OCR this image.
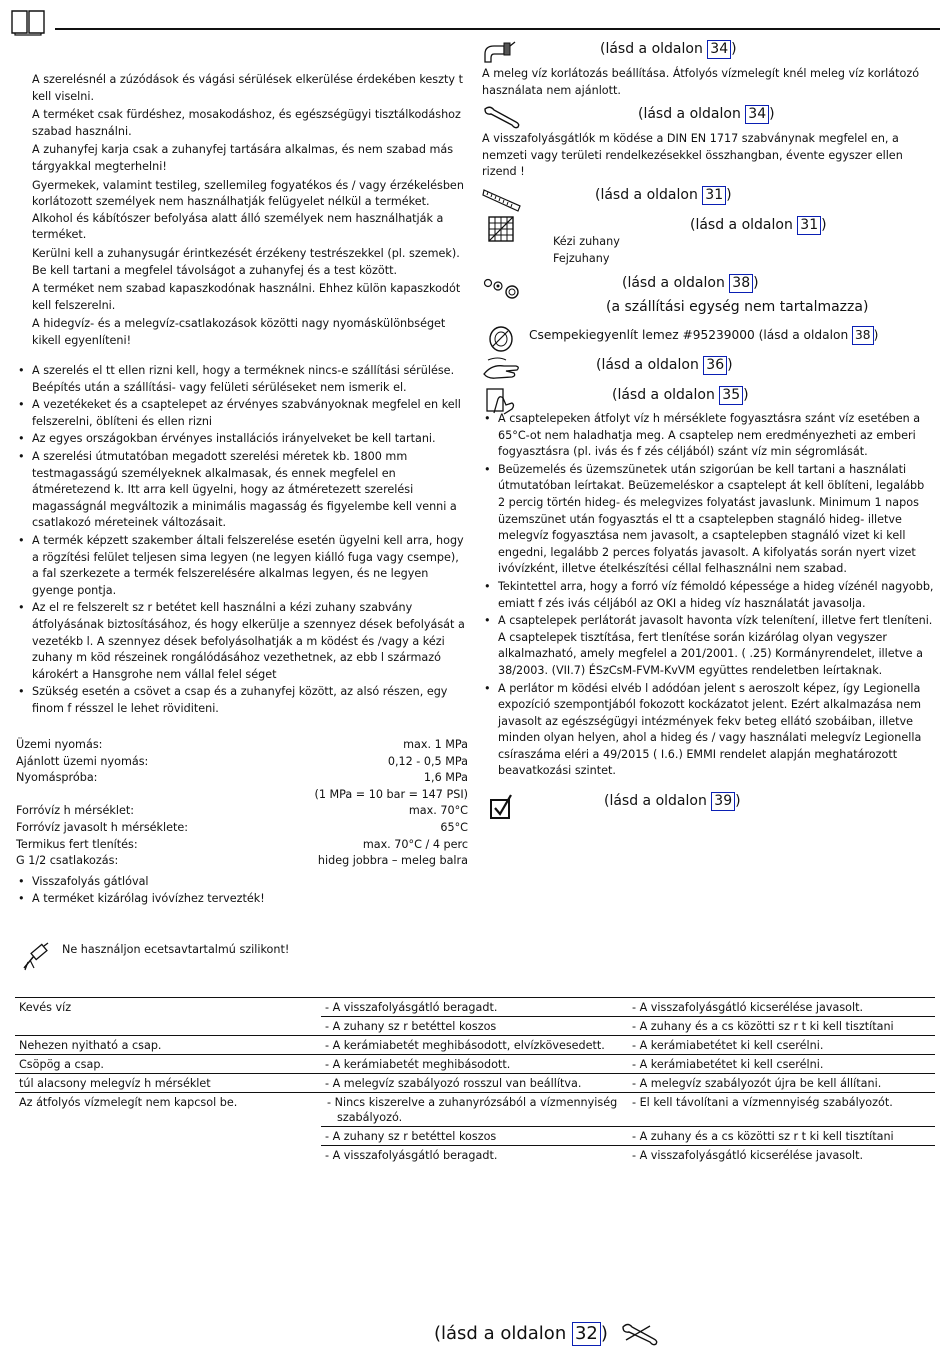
A szerelésnél a zúzódások és vágási sérülések elkerülése érdekében keszty t kell viselni.

A terméket csak fürdéshez, mosakodáshoz, és egészségügyi tisztálkodáshoz szabad használni.

A zuhanyfej karja csak a zuhanyfej tartására alkalmas, és nem szabad más tárgyakkal megterhelni!

Gyermekek, valamint testileg, szellemileg fogyatékos és / vagy érzékelésben korlátozott személyek nem használhatják felügyelet nélkül a terméket. Alkohol és kábítószer befolyása alatt álló személyek nem használhatják a terméket.

Kerülni kell a zuhanysugár érintkezését érzékeny testrészekkel (pl. szemek). Be kell tartani a megfelel távolságot a zuhanyfej és a test között.

A terméket nem szabad kapaszkodónak használni. Ehhez külön kapaszkodót kell felszerelni.

A hidegvíz- és a melegvíz-csatlakozások közötti nagy nyomáskülönbséget kikell egyenlíteni!

• A szerelés el tt ellen rizni kell, hogy a terméknek nincs-e szállítási sérülése. Beépítés után a szállítási- vagy felületi sérüléseket nem ismerik el.
• A vezetékeket és a csaptelepet az érvényes szabványoknak megfelel en kell felszerelni, öblíteni és ellen rizni
• Az egyes országokban érvényes installációs irányelveket be kell tartani.
• A szerelési útmutatóban megadott szerelési méretek kb. 1800 mm testmagasságú személyeknek alkalmasak, és ennek megfelel en átméretezend k. Itt arra kell ügyelni, hogy az átméretezett szerelési magasságnál megváltozik a minimális magasság és figyelembe kell venni a csatlakozó méreteinek változásait.
• A termék képzett szakember általi felszerelése esetén ügyelni kell arra, hogy a rögzítési felület teljesen sima legyen (ne legyen kiálló fuga vagy csempe), a fal szerkezete a termék felszerelésére alkalmas legyen, és ne legyen gyenge pontja.
• Az el re felszerelt sz r betétet kell használni a kézi zuhany szabvány átfolyásának biztosításához, és hogy elkerülje a szennyez dések befolyását a vezetékb l. A szennyez dések befolyásolhatják a m ködést és /vagy a kézi zuhany m köd részeinek rongálódásához vezethetnek, az ebb l származó károkért a Hansgrohe nem vállal felel séget
• Szükség esetén a csövet a csap és a zuhanyfej között, az alsó részen, egy finom f résszel le lehet röviditeni.
Üzemi nyomás:	max. 1 MPa
Ajánlott üzemi nyomás:	0,12 - 0,5 MPa
Nyomáspróba:	1,6 MPa
(1 MPa = 10 bar = 147 PSI)
Forróvíz h mérséklet:	max. 70°C
Forróvíz javasolt h mérséklete:	65°C
Termikus fert tlenítés:	max. 70°C / 4 perc
G 1/2 csatlakozás:	hideg jobbra – meleg balra
• Visszafolyás gátlóval
• A terméket kizárólag ivóvízhez tervezték!
Ne használjon ecetsavtartalmú szilikont!
(lásd a oldalon 34 )
A meleg víz korlátozás beállítása. Átfolyós vízmelegít knél meleg víz korlátozó használata nem ajánlott.
(lásd a oldalon 34 )
A visszafolyásgátlók m ködése a DIN EN 1717 szabványnak megfelel en, a nemzeti vagy területi rendelkezésekkel összhangban, évente egyszer ellen rizend !
(lásd a oldalon 31 )
(lásd a oldalon 31 )
Kézi zuhany
Fejzuhany
(lásd a oldalon 38 )
(a szállítási egység nem tartalmazza)
Csempekiegyenlít lemez #95239000 (lásd a oldalon 38 )
(lásd a oldalon 36 )
(lásd a oldalon 35 )
• A csaptelepeken átfolyt víz h mérséklete fogyasztásra szánt víz esetében a 65°C-ot nem haladhatja meg. A csaptelep nem eredményezheti az emberi fogyasztásra (pl. ivás és f zés céljából) szánt víz min ségromlását.
• Beüzemelés és üzemszünetek után szigorúan be kell tartani a használati útmutatóban leírtakat. Beüzemeléskor a csaptelept át kell öblíteni, legalább 2 percig történ hideg- és melegvizes folyatást javaslunk. Minimum 1 napos üzemszünet után fogyasztás el tt a csaptelepben stagnáló hideg- illetve melegvíz fogyasztása nem javasolt, a csaptelepben stagnáló vizet ki kell engedni, legalább 2 perces folyatás javasolt. A kifolyatás során nyert vizet ivóvízként, illetve ételkészítési céllal felhasználni nem szabad.
• Tekintettel arra, hogy a forró víz fémoldó képessége a hideg vízénél nagyobb, emiatt f zés ivás céljából az OKI a hideg víz használatát javasolja.
• A csaptelepek perlátorát javasolt havonta vízk telenítení, illetve fert tleníteni. A csaptelepek tisztítása, fert tlenítése során kizárólag olyan vegyszer alkalmazható, amely megfelel a 201/2001. ( .25) Kormányrendelet, illetve a 38/2003. (VII.7) ÉSzCsM-FVM-KvVM együttes rendeletben leírtaknak.
• A perlátor m ködési elvéb l adódóan jelent s aeroszolt képez, így Legionella expozíció szempontjából fokozott kockázatot jelent. Ezért alkalmazása nem javasolt az egészségügyi intézmények fekv beteg ellátó szobáiban, illetve minden olyan helyen, ahol a hideg és / vagy használati melegvíz Legionella csíraszáma eléri a 49/2015 ( I.6.) EMMI rendelet alapján meghatározott beavatkozási szintet.
(lásd a oldalon 39 )
Kevés víz	- A visszafolyásgátló beragadt.	- A visszafolyásgátló kicserélése javasolt.
	- A zuhany sz r betéttel koszos	- A zuhany és a cs közötti sz r t ki kell tisztítani
Nehezen nyitható a csap.	- A kerámiabetét meghibásodott, elvízkövesedett.	- A kerámiabetétet ki kell cserélni.
Csöpög a csap.	- A kerámiabetét meghibásodott.	- A kerámiabetétet ki kell cserélni.
túl alacsony melegvíz h mérséklet	- A melegvíz szabályozó rosszul van beállítva.	- A melegvíz szabályozót újra be kell állítani.
Az átfolyós vízmelegít nem kapcsol be.	- Nincs kiszerelve a zuhanyrózsából a vízmennyiség szabályozó.	- El kell távolítani a vízmennyiség szabályozót.
	- A zuhany sz r betéttel koszos	- A zuhany és a cs közötti sz r t ki kell tisztítani
	- A visszafolyásgátló beragadt.	- A visszafolyásgátló kicserélése javasolt.
(lásd a oldalon 32 )
